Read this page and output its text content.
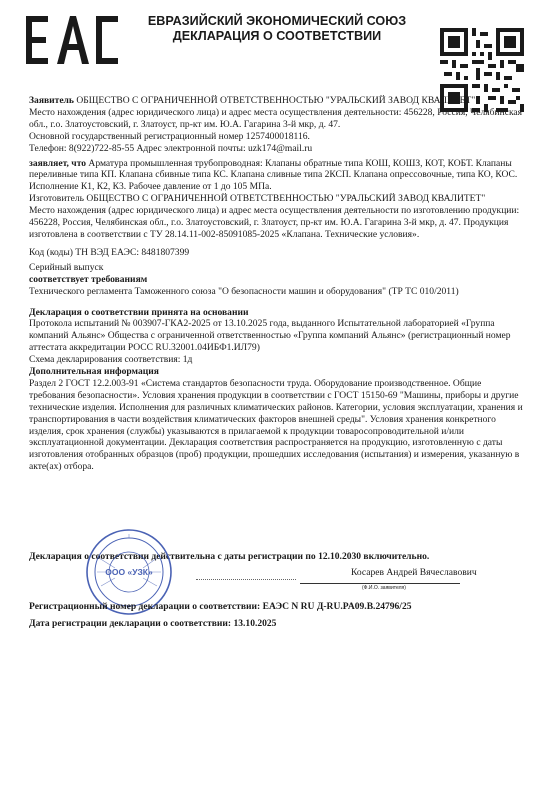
ЕВРАЗИЙСКИЙ ЭКОНОМИЧЕСКИЙ СОЮЗ
ДЕКЛАРАЦИЯ О СООТВЕТСТВИИ

Заявитель ОБЩЕСТВО С ОГРАНИЧЕННОЙ ОТВЕТСТВЕННОСТЬЮ "УРАЛЬСКИЙ ЗАВОД КВАЛИТЕТ"

Место нахождения (адрес юридического лица) и адрес места осуществления деятельности: 456228, Россия, Челябинская обл., г.о. Златоустовский, г. Златоуст, пр-кт им. Ю.А. Гагарина 3-й мкр, д. 47.

Основной государственный регистрационный номер 1257400018116.

Телефон: 8(922)722-85-55 Адрес электронной почты: uzk174@mail.ru

заявляет, что Арматура промышленная трубопроводная: Клапаны обратные типа КОШ, КОШЗ, КОТ, КОБТ. Клапаны переливные типа КП. Клапана сбивные типа КС. Клапана сливные типа 2КСП. Клапана опрессовочные, типа КО, КОС. Исполнение К1, К2, К3. Рабочее давление от 1 до 105 МПа.

Изготовитель ОБЩЕСТВО С ОГРАНИЧЕННОЙ ОТВЕТСТВЕННОСТЬЮ "УРАЛЬСКИЙ ЗАВОД КВАЛИТЕТ"

Место нахождения (адрес юридического лица) и адрес места осуществления деятельности по изготовлению продукции: 456228, Россия, Челябинская обл., г.о. Златоустовский, г. Златоуст, пр-кт им. Ю.А. Гагарина 3-й мкр, д. 47. Продукция изготовлена в соответствии с ТУ 28.14.11-002-85091085-2025 «Клапана. Технические условия».

Код (коды) ТН ВЭД ЕАЭС: 8481807399

Серийный выпуск

соответствует требованиям

Технического регламента Таможенного союза "О безопасности машин и оборудования" (ТР ТС 010/2011)

Декларация о соответствии принята на основании

Протокола испытаний № 003907-ГКА2-2025 от 13.10.2025 года, выданного Испытательной лабораторией «Группа компаний Альянс» Общества с ограниченной ответственностью «Группа компаний Альянс» (регистрационный номер аттестата аккредитации РОСС RU.32001.04ИБФ1.ИЛ79)

Схема декларирования соответствия: 1д

Дополнительная информация

Раздел 2 ГОСТ 12.2.003-91 «Система стандартов безопасности труда. Оборудование производственное. Общие требования безопасности». Условия хранения продукции в соответствии с ГОСТ 15150-69 "Машины, приборы и другие технические изделия. Исполнения для различных климатических районов. Категории, условия эксплуатации, хранения и транспортирования в части воздействия климатических факторов внешней среды". Условия хранения конкретного изделия, срок хранения (службы) указываются в прилагаемой к продукции товаросопроводительной и/или эксплуатационной документации. Декларация соответствия распространяется на продукцию, изготовленную с даты изготовления отобранных образцов (проб) продукции, прошедших исследования (испытания) и измерения, указанную в акте(ах) отбора.

Декларация о соответствии действительна с даты регистрации по 12.10.2030 включительно.
Косарев Андрей Вячеславович
(Ф.И.О. заявителя)
ООО «УЗК»
Регистрационный номер декларации о соответствии: ЕАЭС N RU Д-RU.PA09.B.24796/25
Дата регистрации декларации о соответствии: 13.10.2025
